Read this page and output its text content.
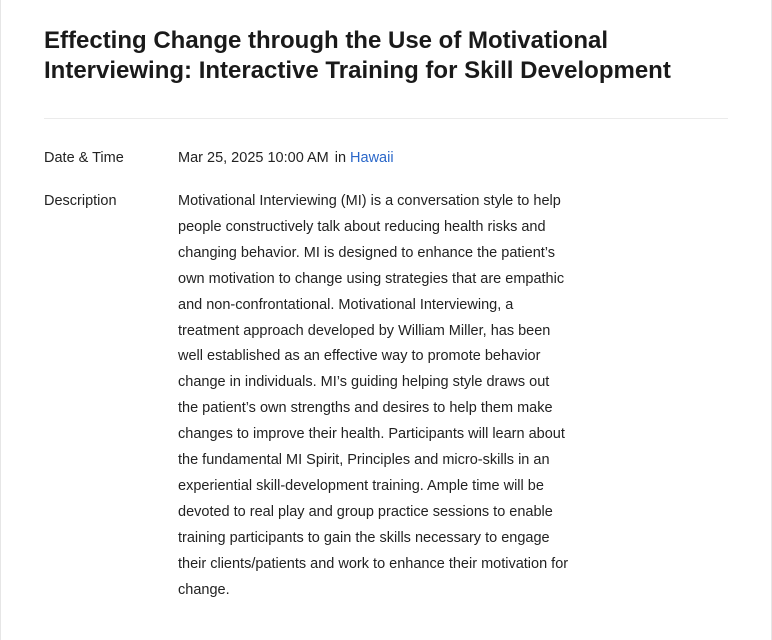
Effecting Change through the Use of Motivational Interviewing: Interactive Training for Skill Development
Date & Time	Mar 25, 2025 10:00 AM in Hawaii
Description	Motivational Interviewing (MI) is a conversation style to help people constructively talk about reducing health risks and changing behavior. MI is designed to enhance the patient’s own motivation to change using strategies that are empathic and non-confrontational. Motivational Interviewing, a treatment approach developed by William Miller, has been well established as an effective way to promote behavior change in individuals. MI’s guiding helping style draws out the patient’s own strengths and desires to help them make changes to improve their health. Participants will learn about the fundamental MI Spirit, Principles and micro-skills in an experiential skill-development training. Ample time will be devoted to real play and group practice sessions to enable training participants to gain the skills necessary to engage their clients/patients and work to enhance their motivation for change.
